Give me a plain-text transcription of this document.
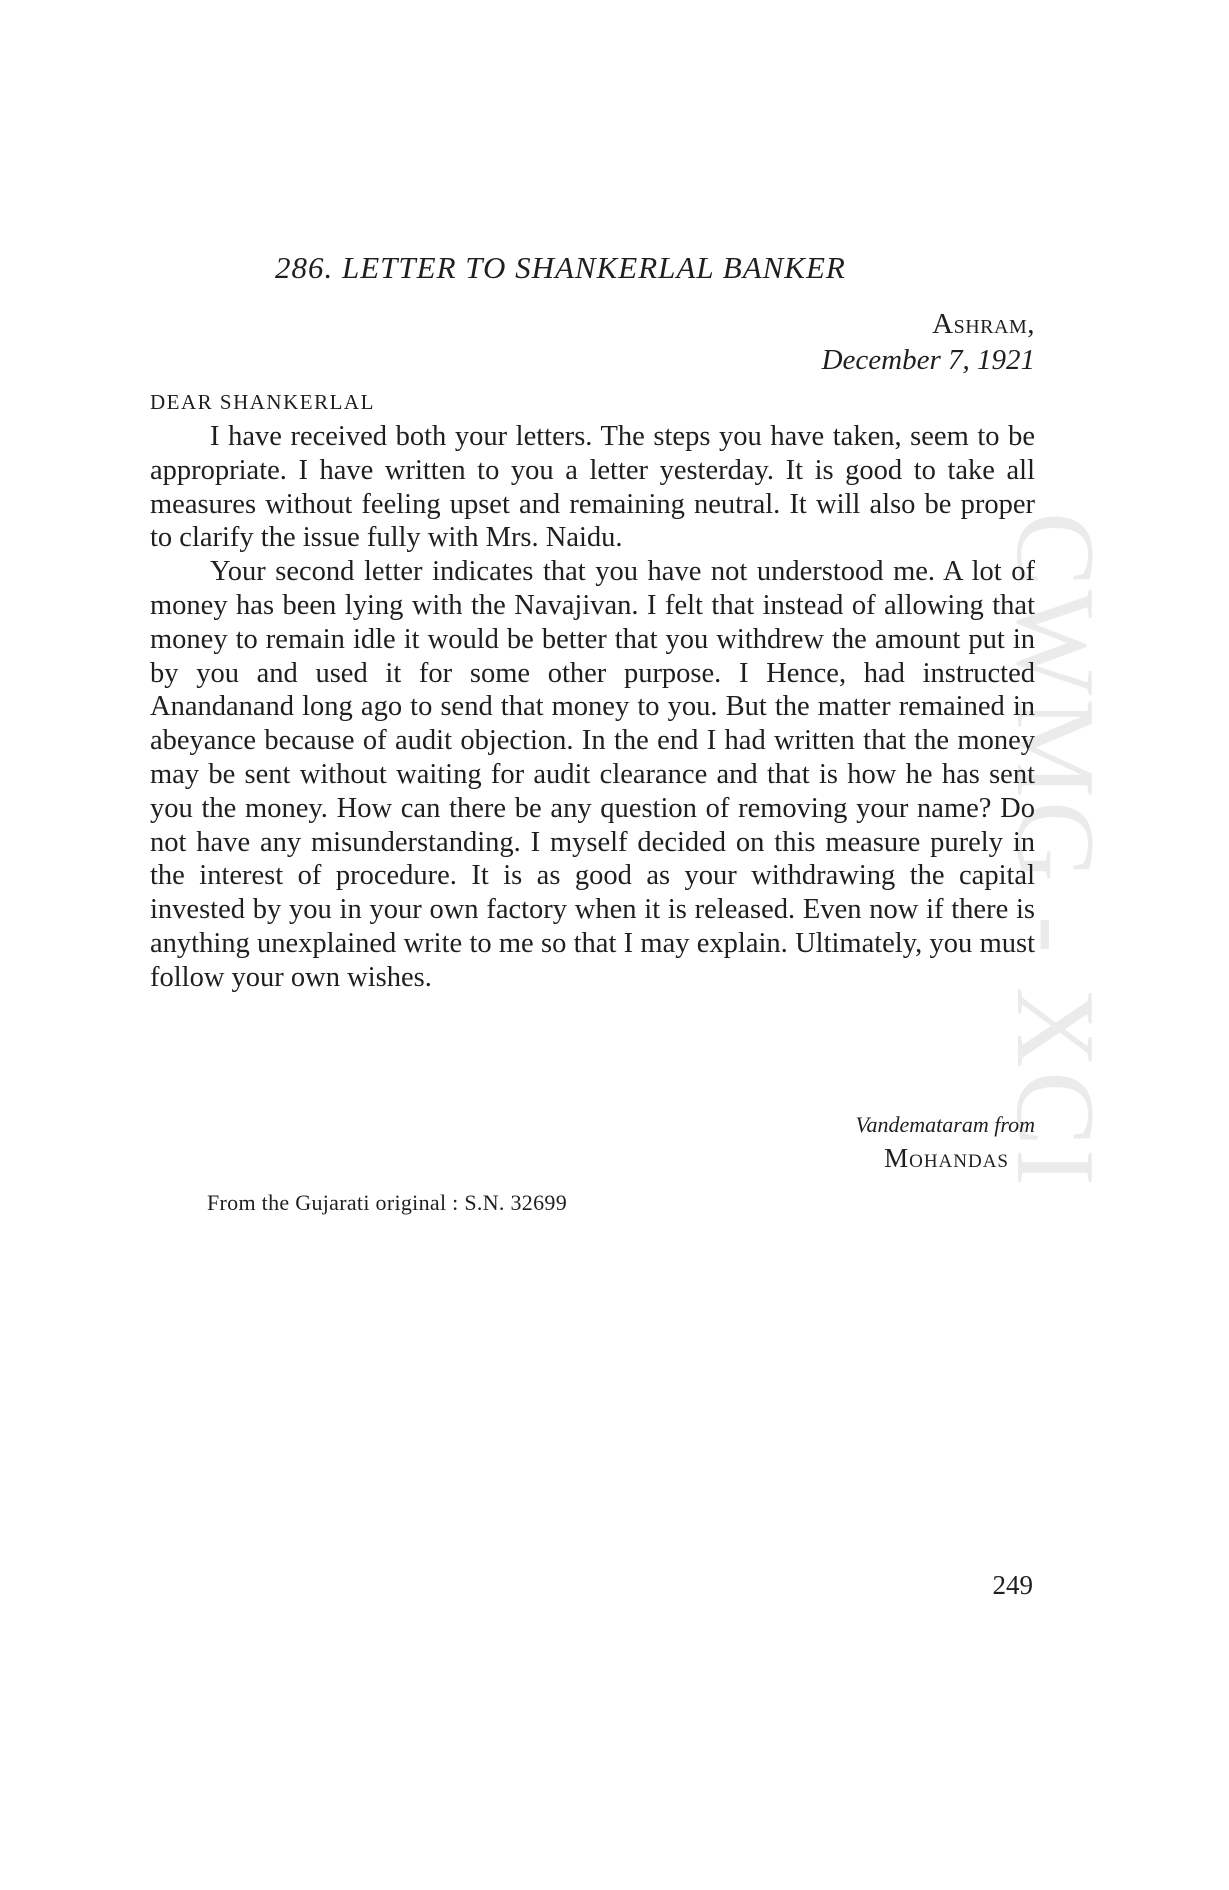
CWMG - XCI
286. LETTER TO SHANKERLAL BANKER
Ashram,
December 7, 1921
DEAR SHANKERLAL

I have received both your letters. The steps you have taken, seem to be appropriate. I have written to you a letter yesterday. It is good to take all measures without feeling upset and remaining neutral. It will also be proper to clarify the issue fully with Mrs. Naidu.

Your second letter indicates that you have not understood me. A lot of money has been lying with the Navajivan. I felt that instead of allowing that money to remain idle it would be better that you withdrew the amount put in by you and used it for some other purpose. I Hence, had instructed Anandanand long ago to send that money to you. But the matter remained in abeyance because of audit objection. In the end I had written that the money may be sent without waiting for audit clearance and that is how he has sent you the money. How can there be any question of removing your name? Do not have any misunderstanding. I myself decided on this measure purely in the interest of procedure. It is as good as your withdrawing the capital invested by you in your own factory when it is released. Even now if there is anything unexplained write to me so that I may explain. Ultimately, you must follow your own wishes.

Vandemataram from
Mohandas
From the Gujarati original : S.N. 32699
249
